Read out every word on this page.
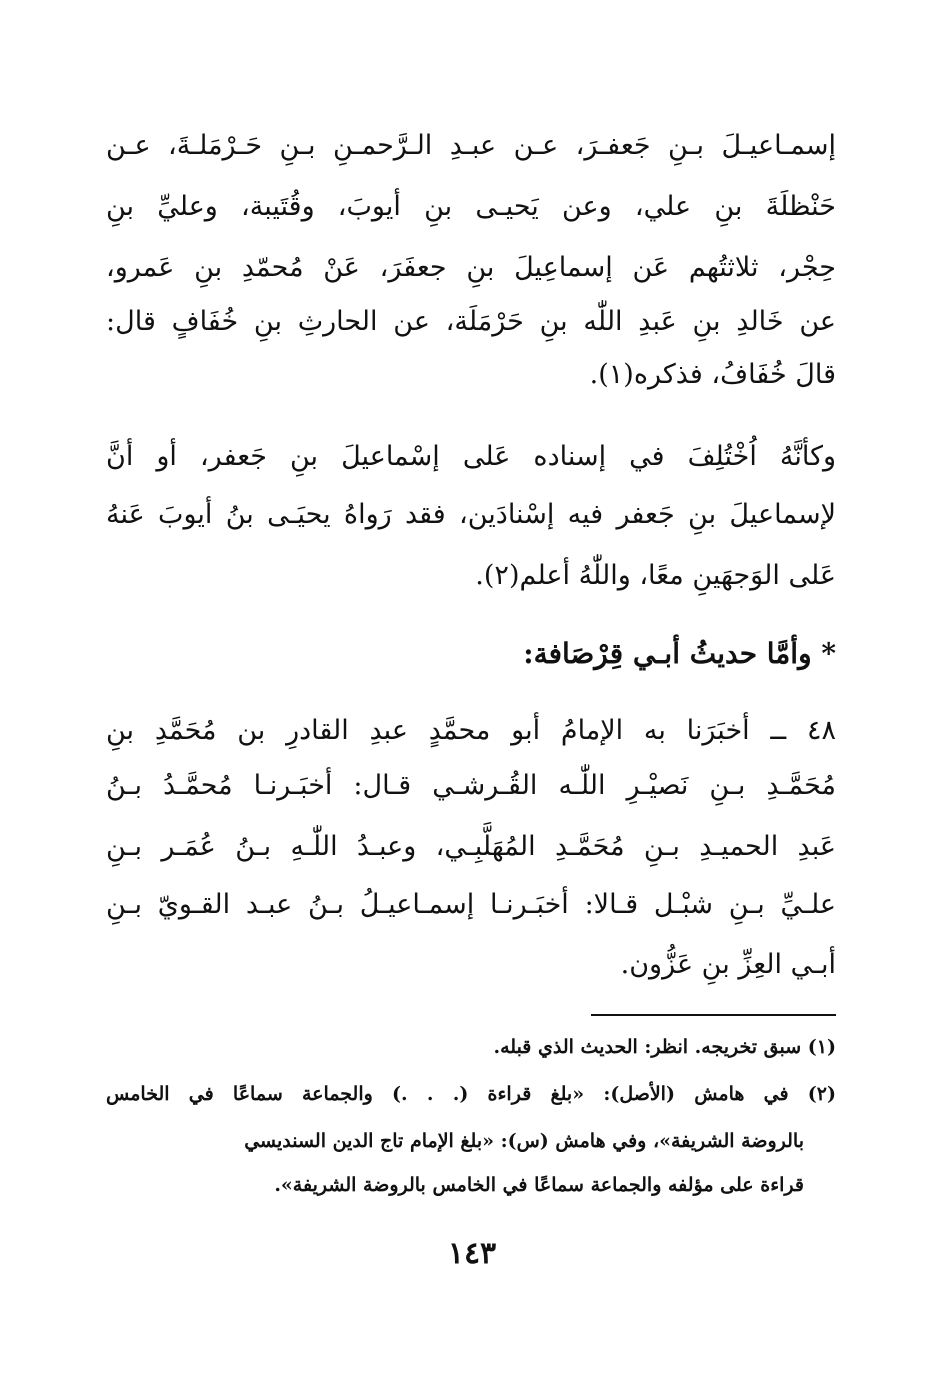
إسمـاعيـلَ بـنِ جَعفـرَ، عـن عبـدِ الـرَّحمـنِ بـنِ حَـرْمَلـةَ، عـن
حَنْظلَةَ بنِ علي، وعن يَحيـى بنِ أيوبَ، وقُتَيبة، وعليِّ بنِ
حِجْر، ثلاثتُهم عَن إسماعِيلَ بنِ جعفَرَ، عَنْ مُحمّدِ بنِ عَمرو،
عن خَالدِ بنِ عَبدِ اللّٰه بنِ حَرْمَلَة، عن الحارثِ بنِ خُفَافٍ قال:
قالَ خُفَافُ، فذكره(١).
وكأنَّهُ اُخْتُلِفَ في إسناده عَلى إسْماعيلَ بنِ جَعفر، أو أنَّ
لإسماعيلَ بنِ جَعفر فيه إسْنادَين، فقد رَواهُ يحيَـى بنُ أيوبَ عَنهُ
عَلى الوَجهَينِ معًا، واللّٰهُ أعلم(٢).
* وأمَّا حديثُ أبـي قِرْصَافة:
٤٨ ــ أخبَرَنا به الإمامُ أبو محمَّدٍ عبدِ القادرِ بن مُحَمَّدِ بنِ
مُحَمَّـدِ بـنِ نَصيْـرِ اللّٰـه القُـرشـي قـال: أخبَـرنـا مُحمَّـدُ بـنُ
عَبدِ الحميـدِ بـنِ مُحَمَّـدِ المُهَلَّبِـي، وعبـدُ اللّٰـهِ بـنُ عُمَـر بـنِ
علـيِّ بـنِ شبْـل قـالا: أخبَـرنـا إسمـاعيـلُ بـنُ عبـد القـويّ بـنِ
أبـي العِزِّ بنِ عَزُّون.
(١) سبق تخريجه. انظر: الحديث الذي قبله.
(٢) في هامش (الأصل): «بلغ قراءة (. . .) والجماعة سماعًا في الخامس
بالروضة الشريفة»، وفي هامش (س): «بلغ الإمام تاج الدين السنديسي
قراءة على مؤلفه والجماعة سماعًا في الخامس بالروضة الشريفة».
١٤٣
